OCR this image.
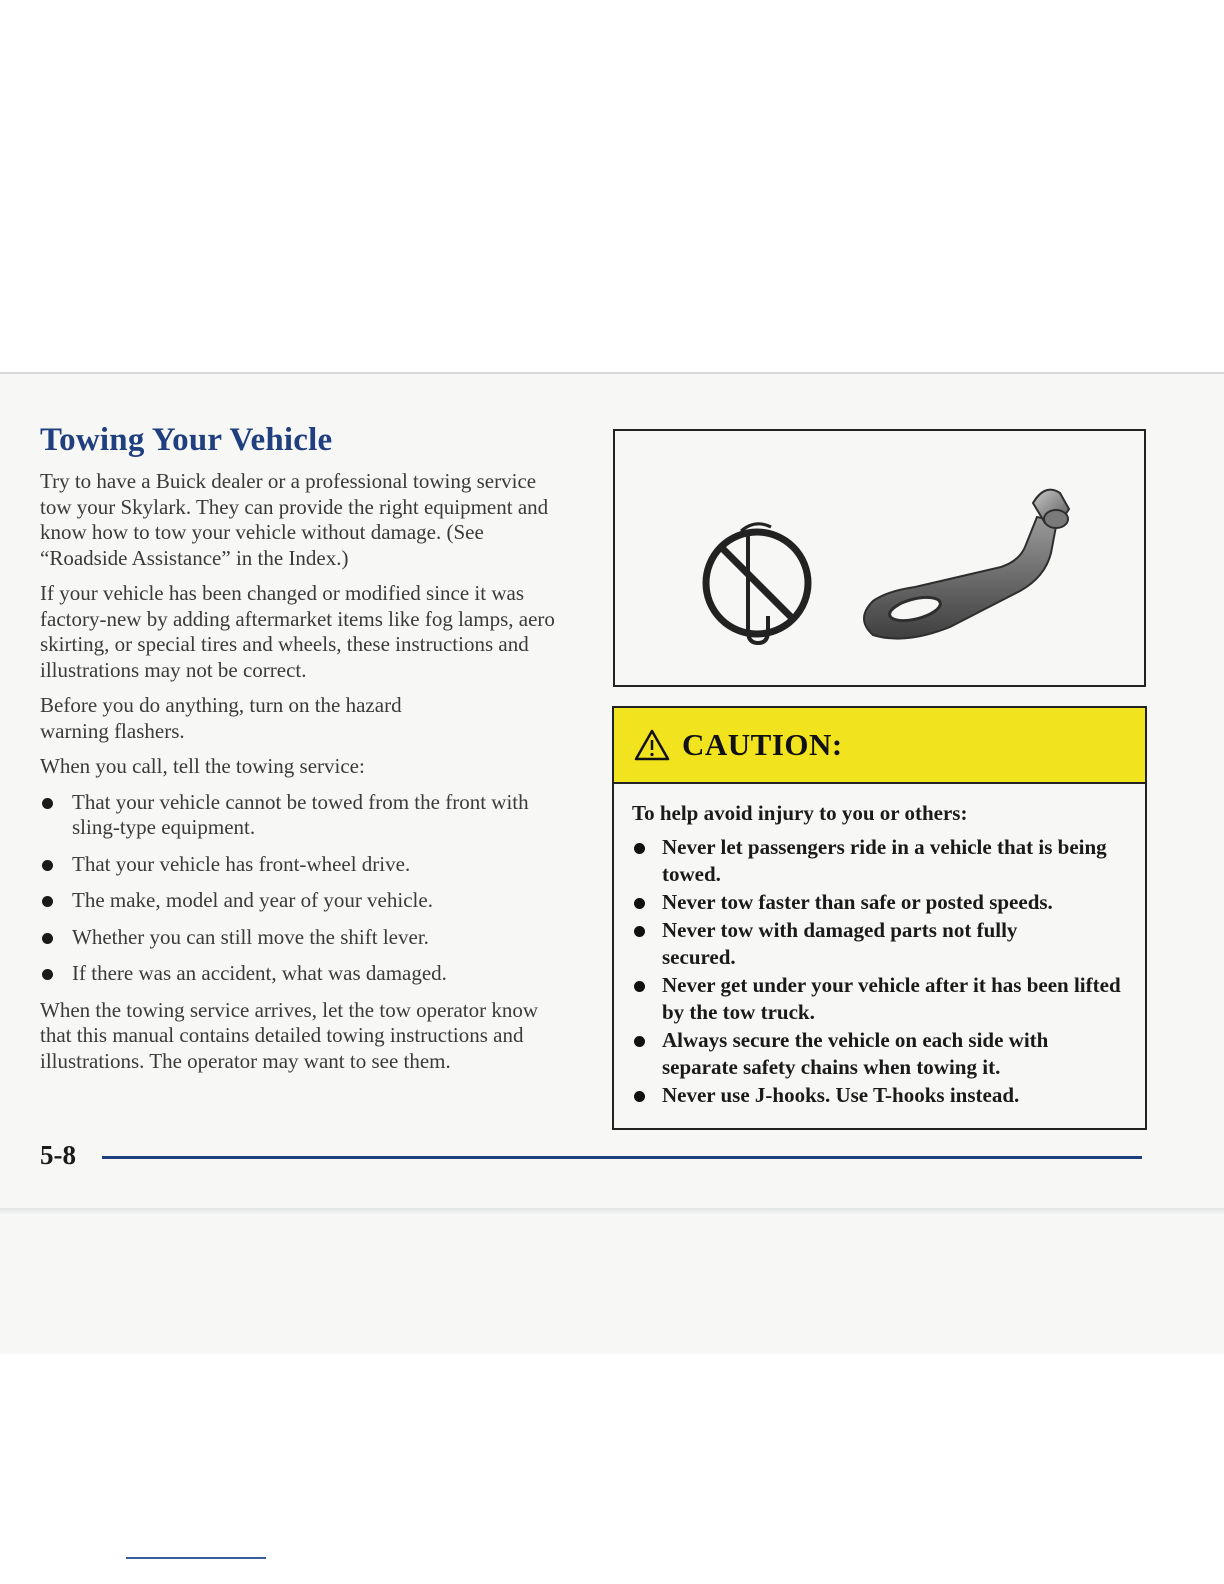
Towing Your Vehicle

Try to have a Buick dealer or a professional towing service tow your Skylark. They can provide the right equipment and know how to tow your vehicle without damage. (See “Roadside Assistance” in the Index.)

If your vehicle has been changed or modified since it was factory-new by adding aftermarket items like fog lamps, aero skirting, or special tires and wheels, these instructions and illustrations may not be correct.

Before you do anything, turn on the hazard warning flashers.

When you call, tell the towing service:

That your vehicle cannot be towed from the front with sling-type equipment.
That your vehicle has front-wheel drive.
The make, model and year of your vehicle.
Whether you can still move the shift lever.
If there was an accident, what was damaged.

When the towing service arrives, let the tow operator know that this manual contains detailed towing instructions and illustrations. The operator may want to see them.

CAUTION:

To help avoid injury to you or others:

Never let passengers ride in a vehicle that is being towed.
Never tow faster than safe or posted speeds.
Never tow with damaged parts not fully secured.
Never get under your vehicle after it has been lifted by the tow truck.
Always secure the vehicle on each side with separate safety chains when towing it.
Never use J-hooks. Use T-hooks instead.
5-8
